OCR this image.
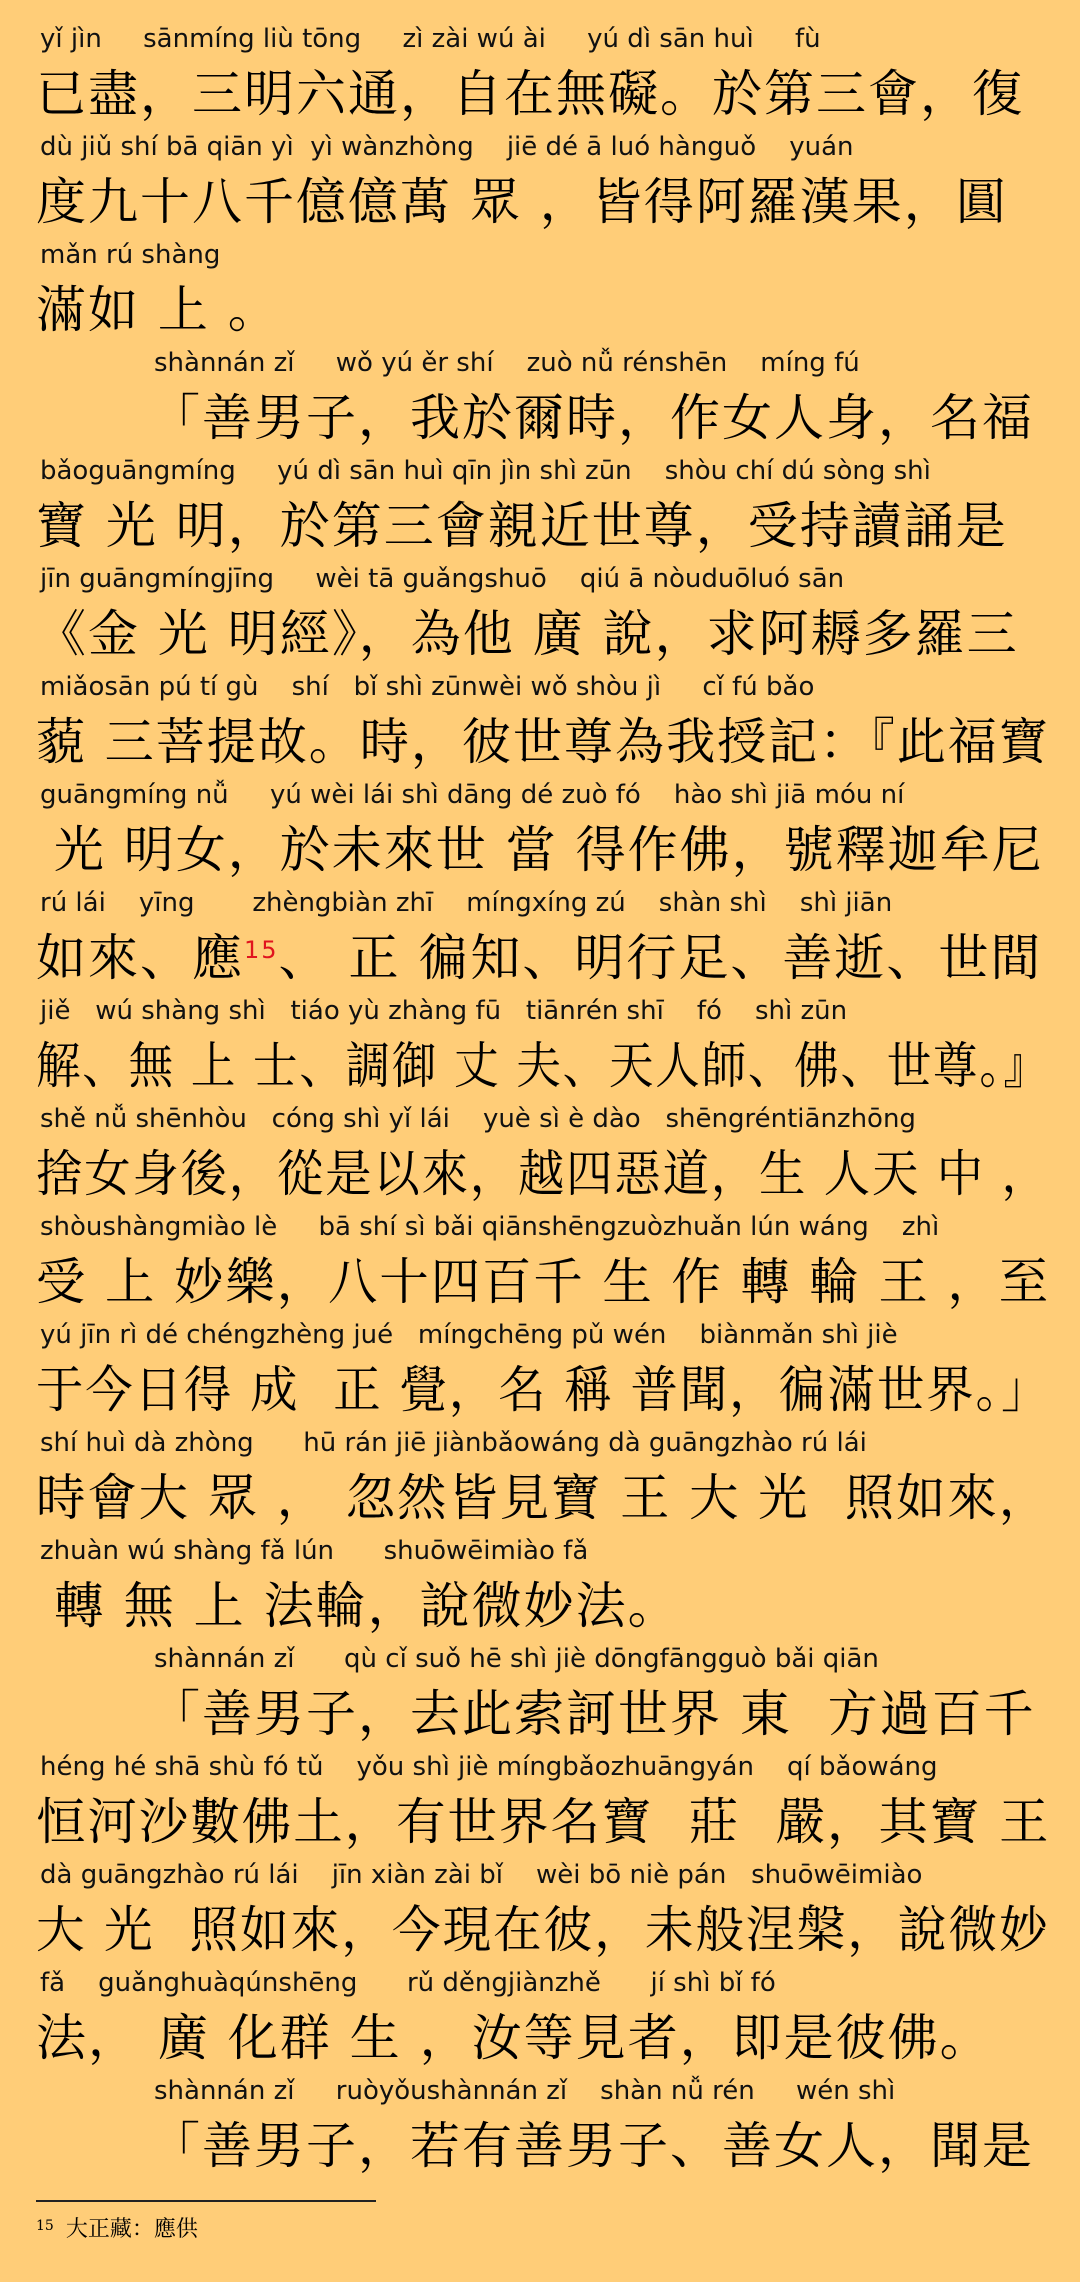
yǐ jìn     sānmíng liù tōng     zì zài wú ài     yú dì sān huì     fù
已盡，三明六通，自在無礙。於第三會，復
dù jiǔ shí bā qiān yì  yì wànzhòng    jiē dé ā luó hànguǒ    yuán
度九十八千億億萬 眾 ，皆得阿羅漢果，圓
mǎn rú shàng
滿如 上 。
shànnán zǐ     wǒ yú ěr shí    zuò nǚ rénshēn    míng fú
「善男子，我於爾時，作女人身，名福
bǎoguāngmíng     yú dì sān huì qīn jìn shì zūn    shòu chí dú sòng shì
寶 光 明，於第三會親近世尊，受持讀誦是
jīn guāngmíngjīng     wèi tā guǎngshuō    qiú ā nòuduōluó sān
《金 光 明經》，為他 廣 說，求阿耨多羅三
miǎosān pú tí gù    shí   bǐ shì zūnwèi wǒ shòu jì     cǐ fú bǎo
藐 三菩提故。時，彼世尊為我授記：『此福寶
guāngmíng nǚ     yú wèi lái shì dāng dé zuò fó    hào shì jiā móu ní
光 明女，於未來世 當 得作佛，號釋迦牟尼
rú lái    yīng       zhèngbiàn zhī    míngxíng zú    shàn shì    shì jiān
如來、應$^{15}$、 正 徧知、明行足、善逝、世間
jiě   wú shàng shì   tiáo yù zhàng fū   tiānrén shī    fó    shì zūn
解、無 上 士、調御 丈 夫、天人師、佛、世尊。』
shě nǚ shēnhòu   cóng shì yǐ lái    yuè sì è dào   shēngréntiānzhōng
捨女身後，從是以來，越四惡道，生 人天 中 ，
shòushàngmiào lè     bā shí sì bǎi qiānshēngzuòzhuǎn lún wáng    zhì
受 上 妙樂，八十四百千 生 作 轉 輪 王 ，至
yú jīn rì dé chéngzhèng jué   míngchēng pǔ wén    biànmǎn shì jiè
于今日得 成  正 覺，名 稱 普聞，徧滿世界。」
shí huì dà zhòng      hū rán jiē jiànbǎowáng dà guāngzhào rú lái
時會大 眾 ， 忽然皆見寶 王 大 光  照如來，
zhuàn wú shàng fǎ lún      shuōwēimiào fǎ
轉 無 上 法輪，說微妙法。
shànnán zǐ      qù cǐ suǒ hē shì jiè dōngfāngguò bǎi qiān
「善男子，去此索訶世界 東  方過百千
héng hé shā shù fó tǔ    yǒu shì jiè míngbǎozhuāngyán    qí bǎowáng
恒河沙數佛土，有世界名寶  莊  嚴，其寶 王
dà guāngzhào rú lái    jīn xiàn zài bǐ    wèi bō niè pán   shuōwēimiào
大 光  照如來，今現在彼，未般涅槃，說微妙
fǎ    guǎnghuàqúnshēng      rǔ děngjiànzhě      jí shì bǐ fó
法， 廣 化群 生 ，汝等見者，即是彼佛。
shànnán zǐ     ruòyǒushànnán zǐ    shàn nǚ rén     wén shì
「善男子，若有善男子、善女人，聞是
$^{15}$ 大正藏：應供
